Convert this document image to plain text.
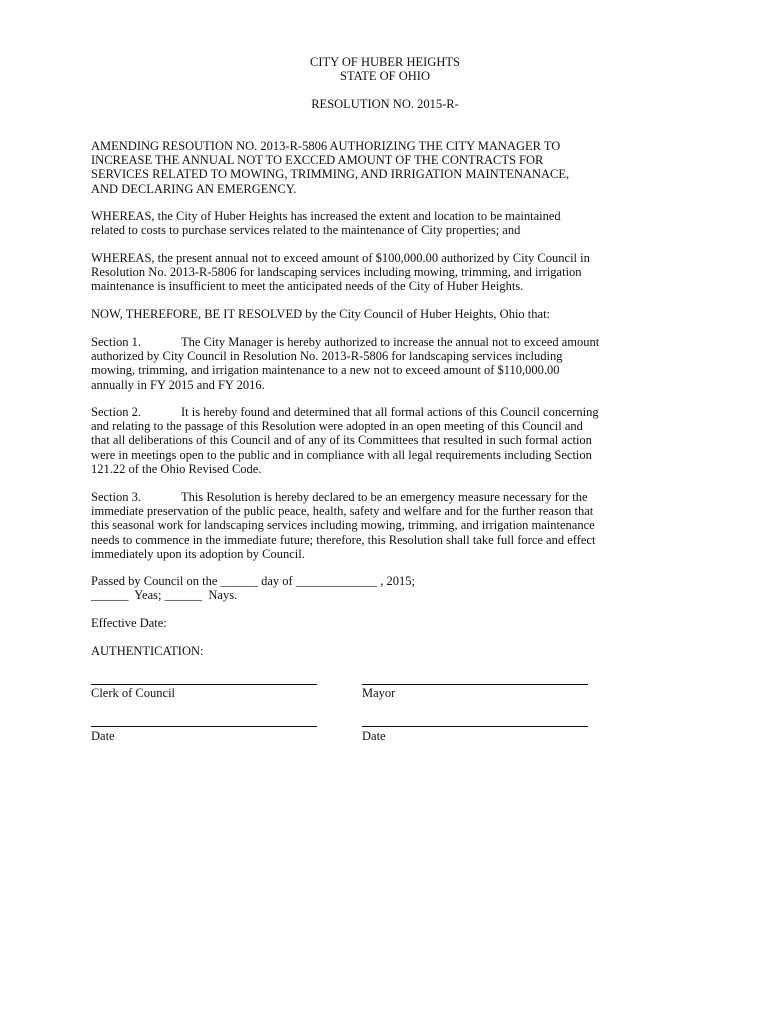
CITY OF HUBER HEIGHTS
STATE OF OHIO
RESOLUTION NO. 2015-R-
AMENDING RESOUTION NO. 2013-R-5806 AUTHORIZING THE CITY MANAGER TO
INCREASE THE ANNUAL NOT TO EXCCED AMOUNT OF THE CONTRACTS FOR
SERVICES RELATED TO MOWING, TRIMMING, AND IRRIGATION MAINTENANACE,
AND DECLARING AN EMERGENCY.
WHEREAS, the City of Huber Heights has increased the extent and location to be maintained
related to costs to purchase services related to the maintenance of City properties; and
WHEREAS, the present annual not to exceed amount of $100,000.00 authorized by City Council in
Resolution No. 2013-R-5806 for landscaping services including mowing, trimming, and irrigation
maintenance is insufficient to meet the anticipated needs of the City of Huber Heights.
NOW, THEREFORE, BE IT RESOLVED by the City Council of Huber Heights, Ohio that:
Section 1.	The City Manager is hereby authorized to increase the annual not to exceed amount
authorized by City Council in Resolution No. 2013-R-5806 for landscaping services including
mowing, trimming, and irrigation maintenance to a new not to exceed amount of $110,000.00
annually in FY 2015 and FY 2016.
Section 2.	It is hereby found and determined that all formal actions of this Council concerning
and relating to the passage of this Resolution were adopted in an open meeting of this Council and
that all deliberations of this Council and of any of its Committees that resulted in such formal action
were in meetings open to the public and in compliance with all legal requirements including Section
121.22 of the Ohio Revised Code.
Section 3.	This Resolution is hereby declared to be an emergency measure necessary for the
immediate preservation of the public peace, health, safety and welfare and for the further reason that
this seasonal work for landscaping services including mowing, trimming, and irrigation maintenance
needs to commence in the immediate future; therefore, this Resolution shall take full force and effect
immediately upon its adoption by Council.
Passed by Council on the ______ day of _____________ , 2015;
______  Yeas; ______  Nays.
Effective Date:
AUTHENTICATION:
Clerk of Council	Mayor
Date	Date
